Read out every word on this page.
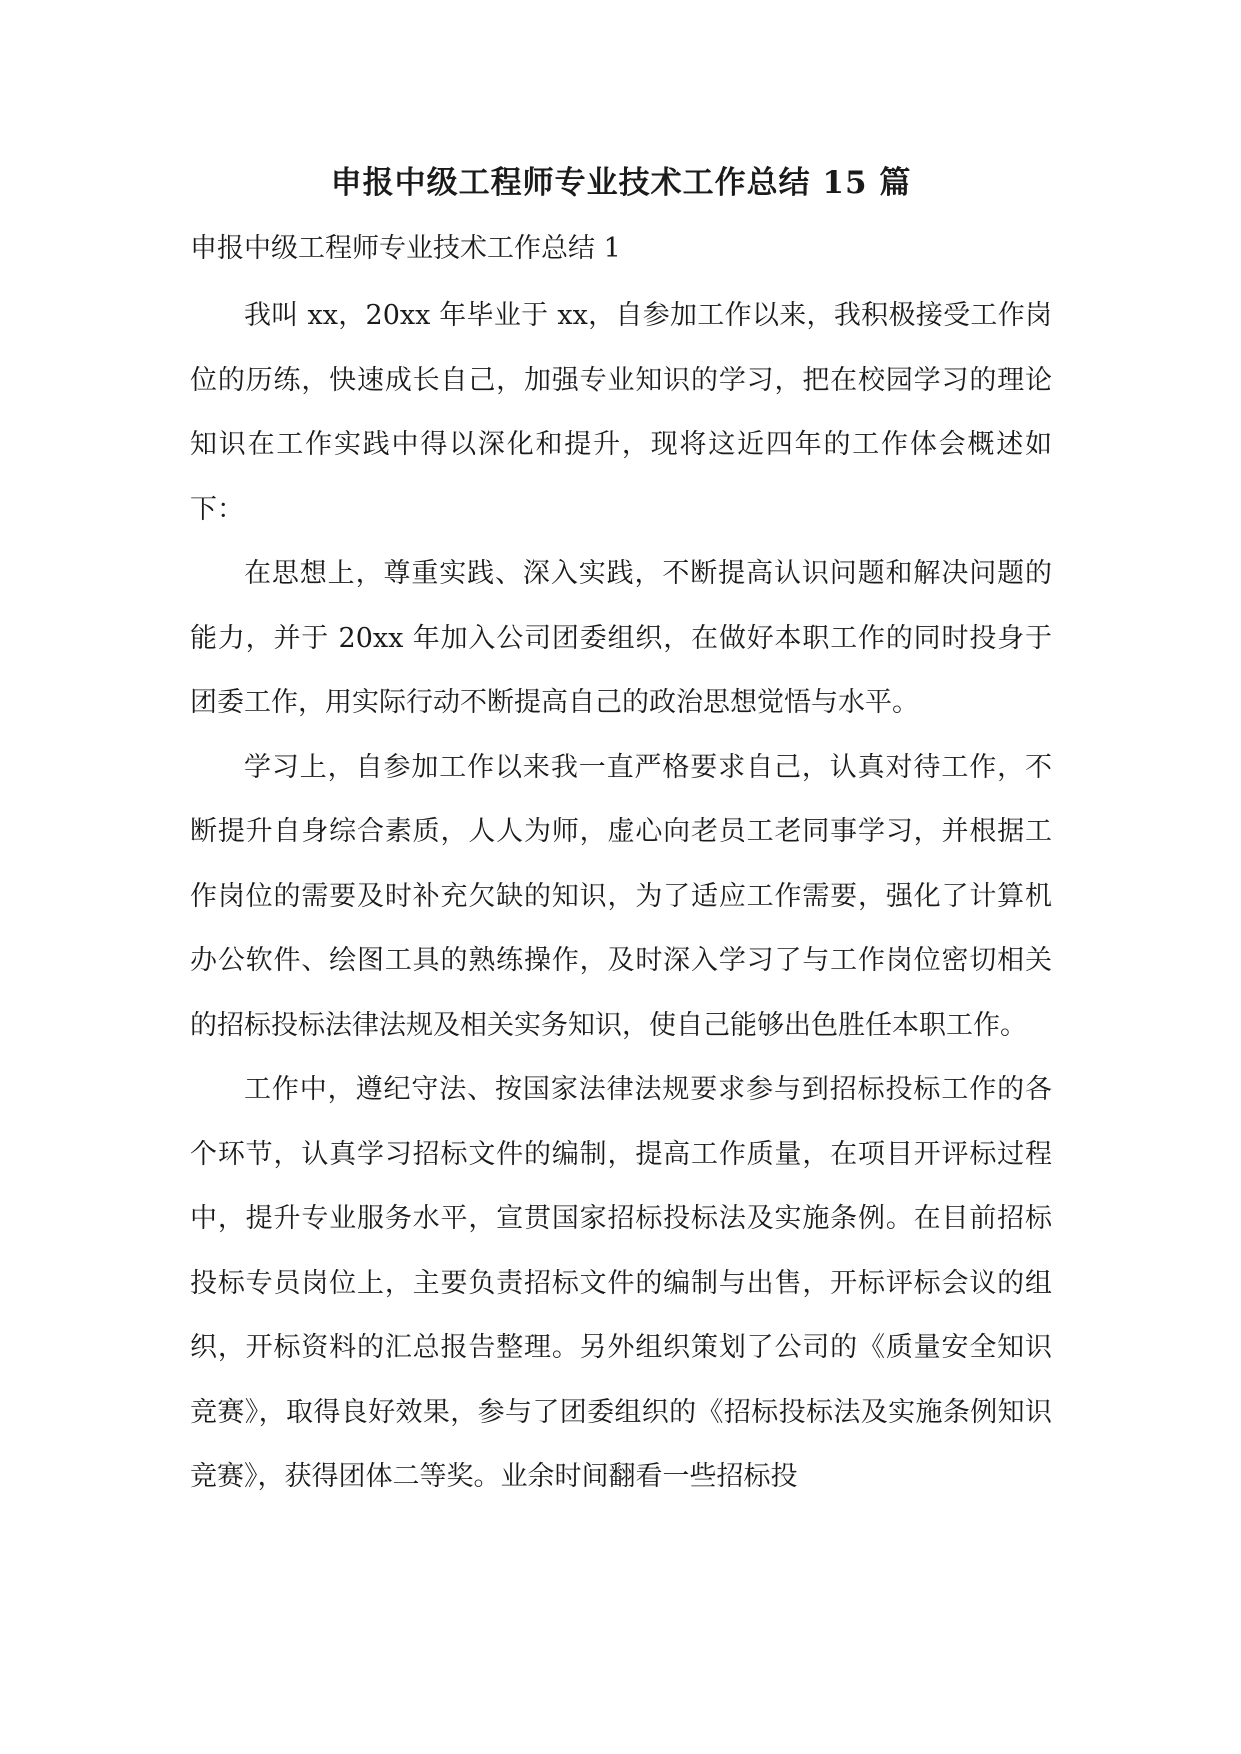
申报中级工程师专业技术工作总结 15 篇

申报中级工程师专业技术工作总结 1

我叫 xx，20xx 年毕业于 xx，自参加工作以来，我积极接受工作岗位的历练，快速成长自己，加强专业知识的学习，把在校园学习的理论知识在工作实践中得以深化和提升，现将这近四年的工作体会概述如下：

在思想上，尊重实践、深入实践，不断提高认识问题和解决问题的能力，并于 20xx 年加入公司团委组织，在做好本职工作的同时投身于团委工作，用实际行动不断提高自己的政治思想觉悟与水平。

学习上，自参加工作以来我一直严格要求自己，认真对待工作，不断提升自身综合素质，人人为师，虚心向老员工老同事学习，并根据工作岗位的需要及时补充欠缺的知识，为了适应工作需要，强化了计算机办公软件、绘图工具的熟练操作，及时深入学习了与工作岗位密切相关的招标投标法律法规及相关实务知识，使自己能够出色胜任本职工作。

工作中，遵纪守法、按国家法律法规要求参与到招标投标工作的各个环节，认真学习招标文件的编制，提高工作质量，在项目开评标过程中，提升专业服务水平，宣贯国家招标投标法及实施条例。在目前招标投标专员岗位上，主要负责招标文件的编制与出售，开标评标会议的组织，开标资料的汇总报告整理。另外组织策划了公司的《质量安全知识竞赛》，取得良好效果，参与了团委组织的《招标投标法及实施条例知识竞赛》，获得团体二等奖。业余时间翻看一些招标投
